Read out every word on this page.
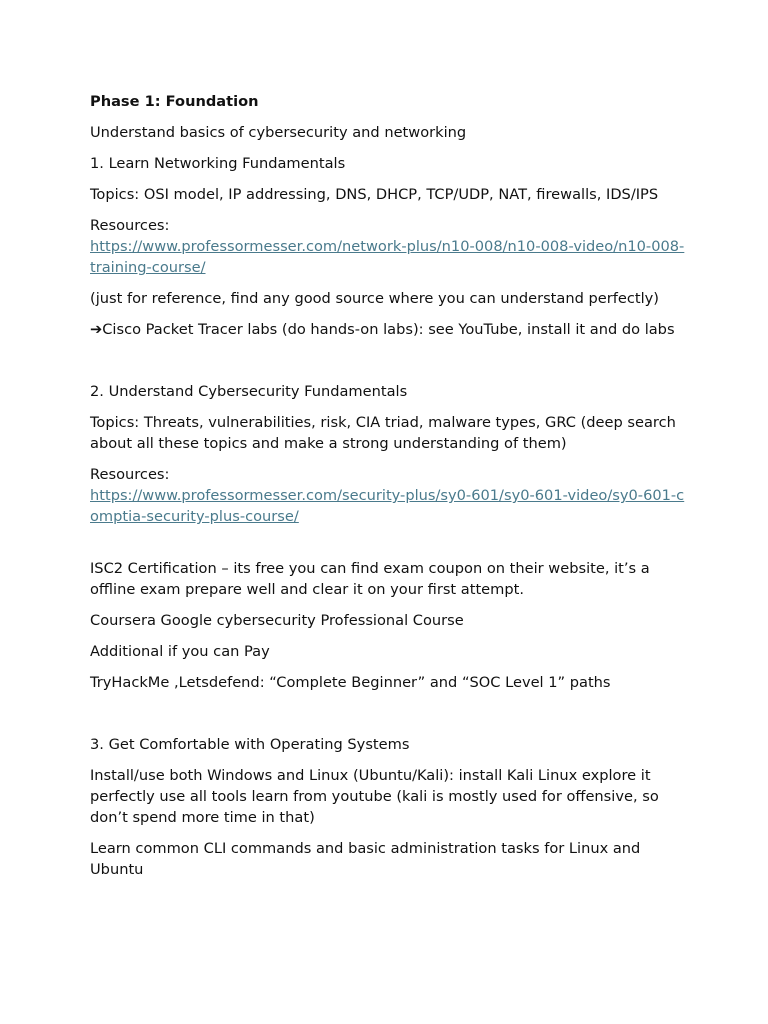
Phase 1: Foundation
Understand basics of cybersecurity and networking
1. Learn Networking Fundamentals
Topics: OSI model, IP addressing, DNS, DHCP, TCP/UDP, NAT, firewalls, IDS/IPS
Resources:
https://www.professormesser.com/network-plus/n10-008/n10-008-video/n10-008-training-course/
(just for reference, find any good source where you can understand perfectly)
➔Cisco Packet Tracer labs (do hands-on labs): see YouTube, install it and do labs
2. Understand Cybersecurity Fundamentals
Topics: Threats, vulnerabilities, risk, CIA triad, malware types, GRC (deep search about all these topics and make a strong understanding of them)
Resources:
https://www.professormesser.com/security-plus/sy0-601/sy0-601-video/sy0-601-comptia-security-plus-course/
ISC2 Certification – its free you can find exam coupon on their website, it’s a offline exam prepare well and clear it on your first attempt.
Coursera Google cybersecurity Professional Course
Additional if you can Pay
TryHackMe ,Letsdefend: “Complete Beginner” and “SOC Level 1” paths
3. Get Comfortable with Operating Systems
Install/use both Windows and Linux (Ubuntu/Kali): install Kali Linux explore it perfectly use all tools learn from youtube (kali is mostly used for offensive, so don’t spend more time in that)
Learn common CLI commands and basic administration tasks for Linux and Ubuntu
